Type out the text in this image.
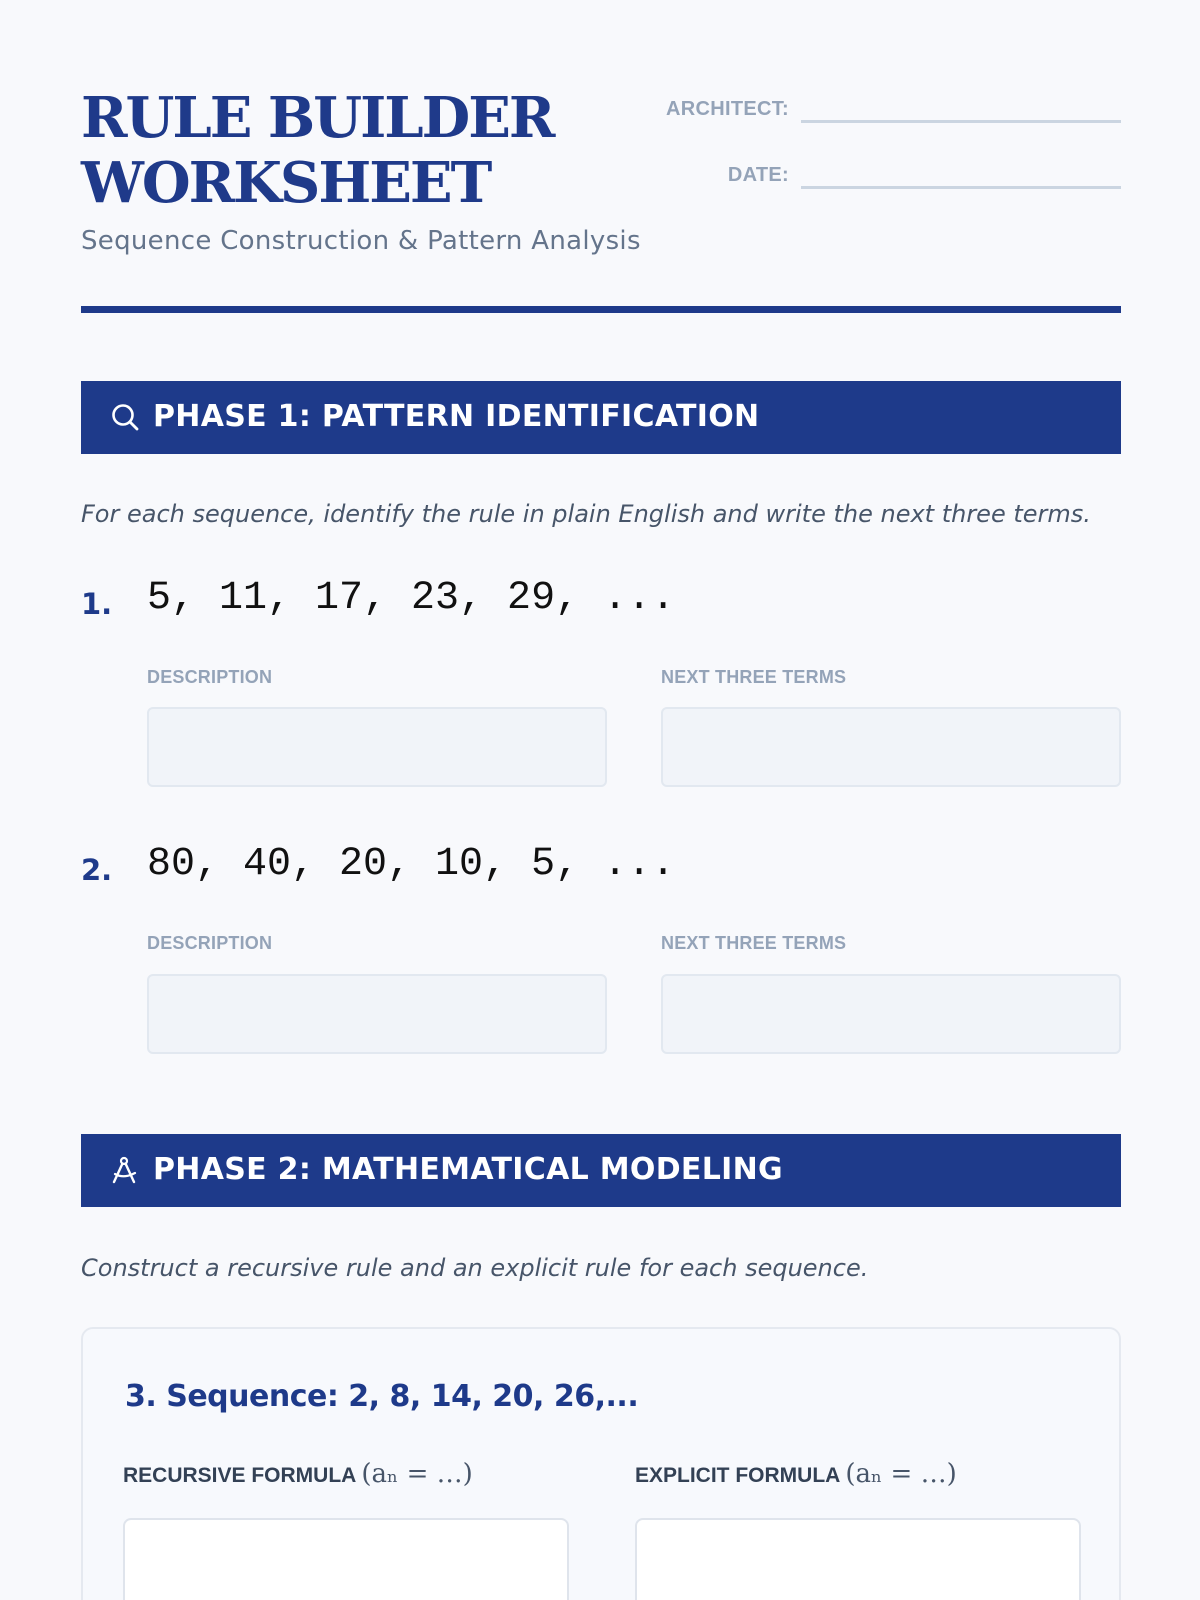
RULE BUILDER
WORKSHEET
Sequence Construction & Pattern Analysis
ARCHITECT:
DATE:
PHASE 1: PATTERN IDENTIFICATION
For each sequence, identify the rule in plain English and write the next three terms.
1. 5, 11, 17, 23, 29, ...
DESCRIPTION	NEXT THREE TERMS
2. 80, 40, 20, 10, 5, ...
DESCRIPTION	NEXT THREE TERMS
PHASE 2: MATHEMATICAL MODELING
Construct a recursive rule and an explicit rule for each sequence.
3. Sequence: 2, 8, 14, 20, 26,...
RECURSIVE FORMULA (aₙ = …)	EXPLICIT FORMULA (aₙ = …)
